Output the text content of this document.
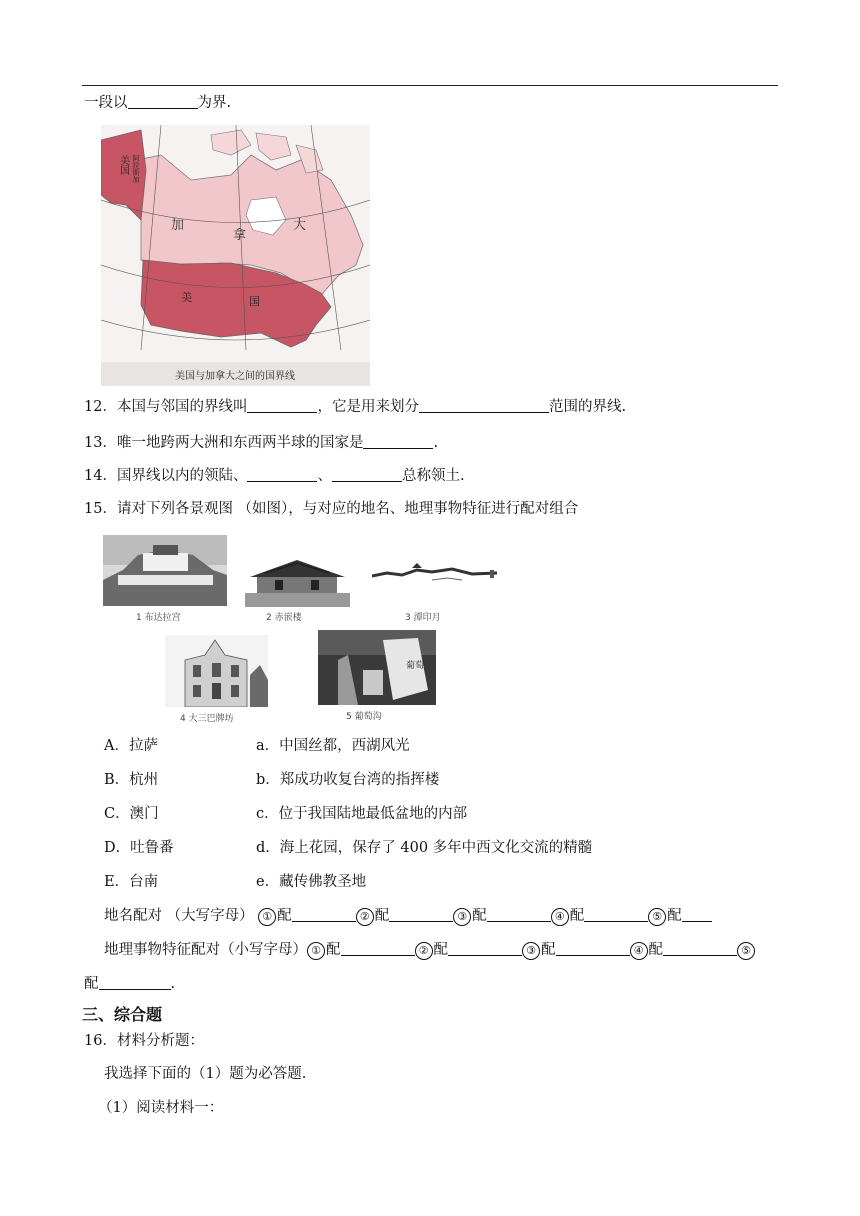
一段以	为界.
美国 阿拉斯加
加
拿
大
美	国
美国与加拿大之间的国界线
12．本国与邻国的界线叫	，它是用来划分	范围的界线.
13．唯一地跨两大洲和东西两半球的国家是	.
14．国界线以内的领陆、	、	总称领土.
15．请对下列各景观图 （如图），与对应的地名、地理事物特征进行配对组合
1 布达拉宫	2 赤嵌楼	3 潭印月
4 大三巴牌坊
葡萄
5 葡萄沟
A．拉萨	a．中国丝都，西湖风光
B．杭州	b．郑成功收复台湾的指挥楼
C．澳门	c．位于我国陆地最低盆地的内部
D．吐鲁番	d．海上花园，保存了 400 多年中西文化交流的精髓
E．台南	e．藏传佛教圣地
地名配对 （大写字母） ① 配	② 配	③ 配	④ 配	⑤ 配
地理事物特征配对（小写字母） ① 配	② 配	③ 配	④ 配	⑤
配	.
三、综合题
16．材料分析题：
我选择下面的（1）题为必答题.
（1）阅读材料一：
